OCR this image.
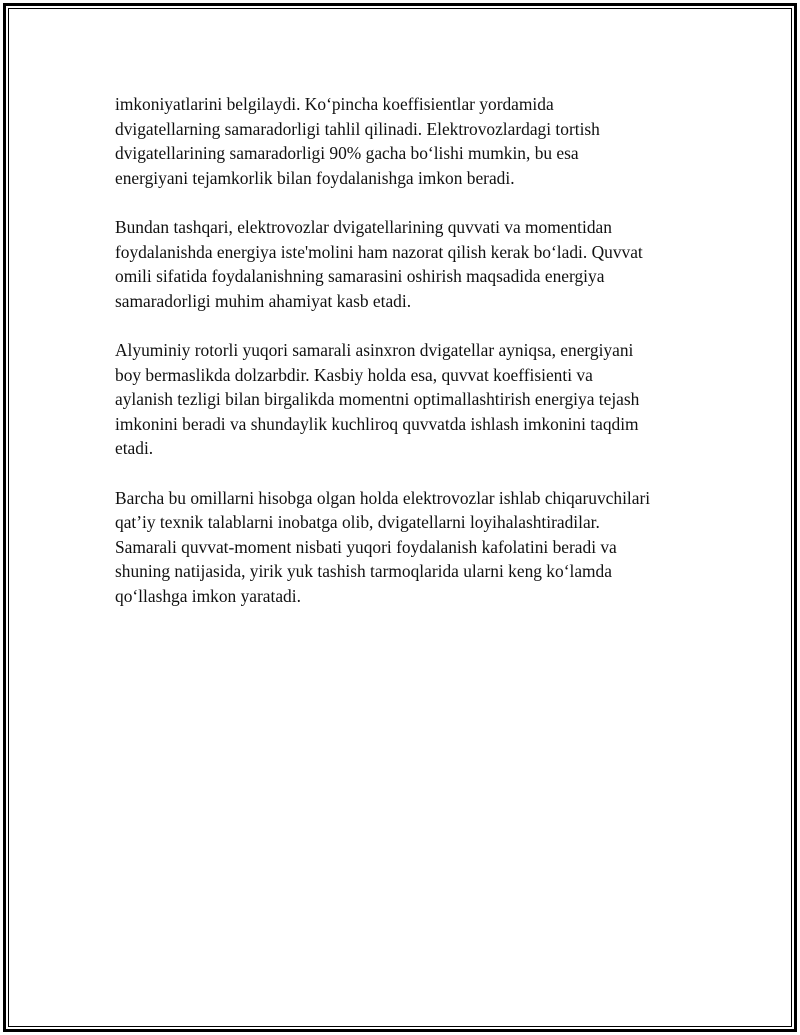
imkoniyatlarini belgilaydi. Ko‘pincha koeffisientlar yordamida
dvigatellarning samaradorligi tahlil qilinadi. Elektrovozlardagi tortish
dvigatellarining samaradorligi 90% gacha bo‘lishi mumkin, bu esa
energiyani tejamkorlik bilan foydalanishga imkon beradi.

Bundan tashqari, elektrovozlar dvigatellarining quvvati va momentidan
foydalanishda energiya iste'molini ham nazorat qilish kerak bo‘ladi. Quvvat
omili sifatida foydalanishning samarasini oshirish maqsadida energiya
samaradorligi muhim ahamiyat kasb etadi.

Alyuminiy rotorli yuqori samarali asinxron dvigatellar ayniqsa, energiyani
boy bermaslikda dolzarbdir. Kasbiy holda esa, quvvat koeffisienti va
aylanish tezligi bilan birgalikda momentni optimallashtirish energiya tejash
imkonini beradi va shundaylik kuchliroq quvvatda ishlash imkonini taqdim
etadi.

Barcha bu omillarni hisobga olgan holda elektrovozlar ishlab chiqaruvchilari
qat’iy texnik talablarni inobatga olib, dvigatellarni loyihalashtiradilar.
Samarali quvvat-moment nisbati yuqori foydalanish kafolatini beradi va
shuning natijasida, yirik yuk tashish tarmoqlarida ularni keng ko‘lamda
qo‘llashga imkon yaratadi.
